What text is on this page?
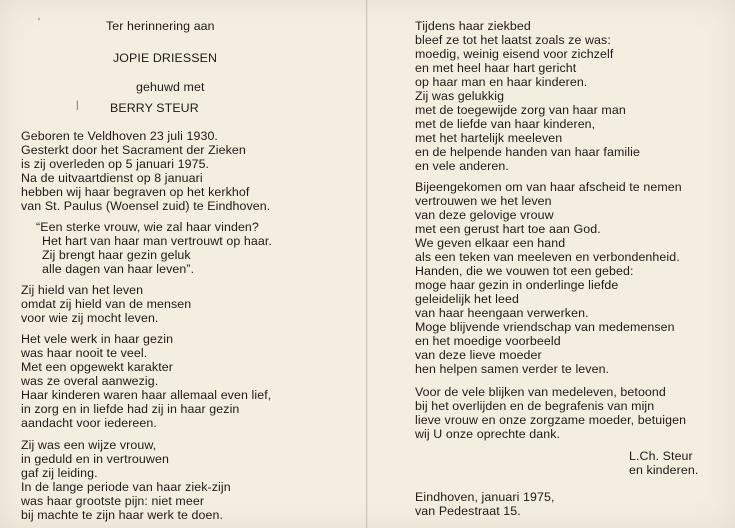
'
|
Ter herinnering aan
JOPIE DRIESSEN
gehuwd met
BERRY STEUR
Geboren te Veldhoven 23 juli 1930.
Gesterkt door het Sacrament der Zieken
is zij overleden op 5 januari 1975.
Na de uitvaartdienst op 8 januari
hebben wij haar begraven op het kerkhof
van St. Paulus (Woensel zuid) te Eindhoven.
“Een sterke vrouw, wie zal haar vinden?
Het hart van haar man vertrouwt op haar.
Zij brengt haar gezin geluk
alle dagen van haar leven”.
Zij hield van het leven
omdat zij hield van de mensen
voor wie zij mocht leven.
Het vele werk in haar gezin
was haar nooit te veel.
Met een opgewekt karakter
was ze overal aanwezig.
Haar kinderen waren haar allemaal even lief,
in zorg en in liefde had zij in haar gezin
aandacht voor iedereen.
Zij was een wijze vrouw,
in geduld en in vertrouwen
gaf zij leiding.
In de lange periode van haar ziek-zijn
was haar grootste pijn: niet meer
bij machte te zijn haar werk te doen.
Tijdens haar ziekbed
bleef ze tot het laatst zoals ze was:
moedig, weinig eisend voor zichzelf
en met heel haar hart gericht
op haar man en haar kinderen.
Zij was gelukkig
met de toegewijde zorg van haar man
met de liefde van haar kinderen,
met het hartelijk meeleven
en de helpende handen van haar familie
en vele anderen.
Bijeengekomen om van haar afscheid te nemen
vertrouwen we het leven
van deze gelovige vrouw
met een gerust hart toe aan God.
We geven elkaar een hand
als een teken van meeleven en verbondenheid.
Handen, die we vouwen tot een gebed:
moge haar gezin in onderlinge liefde
geleidelijk het leed
van haar heengaan verwerken.
Moge blijvende vriendschap van medemensen
en het moedige voorbeeld
van deze lieve moeder
hen helpen samen verder te leven.
Voor de vele blijken van medeleven, betoond
bij het overlijden en de begrafenis van mijn
lieve vrouw en onze zorgzame moeder, betuigen
wij U onze oprechte dank.
L.Ch. Steur
en kinderen.
Eindhoven, januari 1975,
van Pedestraat 15.
